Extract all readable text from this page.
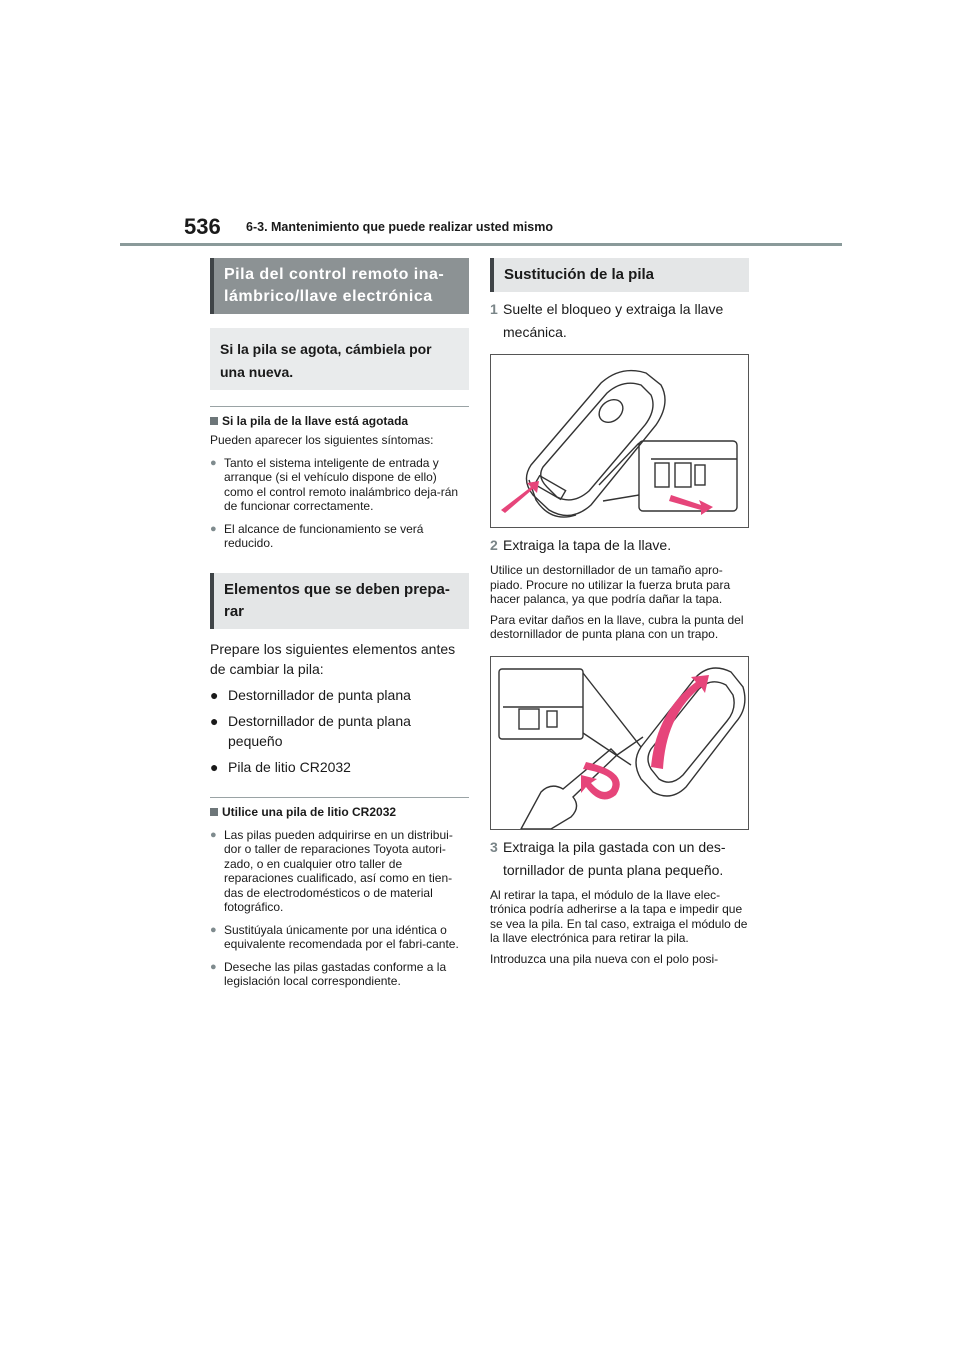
536 6-3. Mantenimiento que puede realizar usted mismo
Pila del control remoto ina-
lámbrico/llave electrónica
Si la pila se agota, cámbiela por
una nueva.
Si la pila de la llave está agotada

Pueden aparecer los siguientes síntomas:

● Tanto el sistema inteligente de entrada y arranque (si el vehículo dispone de ello) como el control remoto inalámbrico deja-rán de funcionar correctamente.
● El alcance de funcionamiento se verá reducido.
Elementos que se deben prepa-
rar
Prepare los siguientes elementos antes de cambiar la pila:
● Destornillador de punta plana
● Destornillador de punta plana pequeño
● Pila de litio CR2032
Utilice una pila de litio CR2032
● Las pilas pueden adquirirse en un distribui-dor o taller de reparaciones Toyota autori-zado, o en cualquier otro taller de reparaciones cualificado, así como en tien-das de electrodomésticos o de material fotográfico.
● Sustitúyala únicamente por una idéntica o equivalente recomendada por el fabri-cante.
● Deseche las pilas gastadas conforme a la legislación local correspondiente.
Sustitución de la pila
1 Suelte el bloqueo y extraiga la llave mecánica.
2 Extraiga la tapa de la llave.

Utilice un destornillador de un tamaño apro-piado. Procure no utilizar la fuerza bruta para hacer palanca, ya que podría dañar la tapa.

Para evitar daños en la llave, cubra la punta del destornillador de punta plana con un trapo.

3 Extraiga la pila gastada con un des-tornillador de punta plana pequeño.

Al retirar la tapa, el módulo de la llave elec-trónica podría adherirse a la tapa e impedir que se vea la pila. En tal caso, extraiga el módulo de la llave electrónica para retirar la pila.

Introduzca una pila nueva con el polo posi-
